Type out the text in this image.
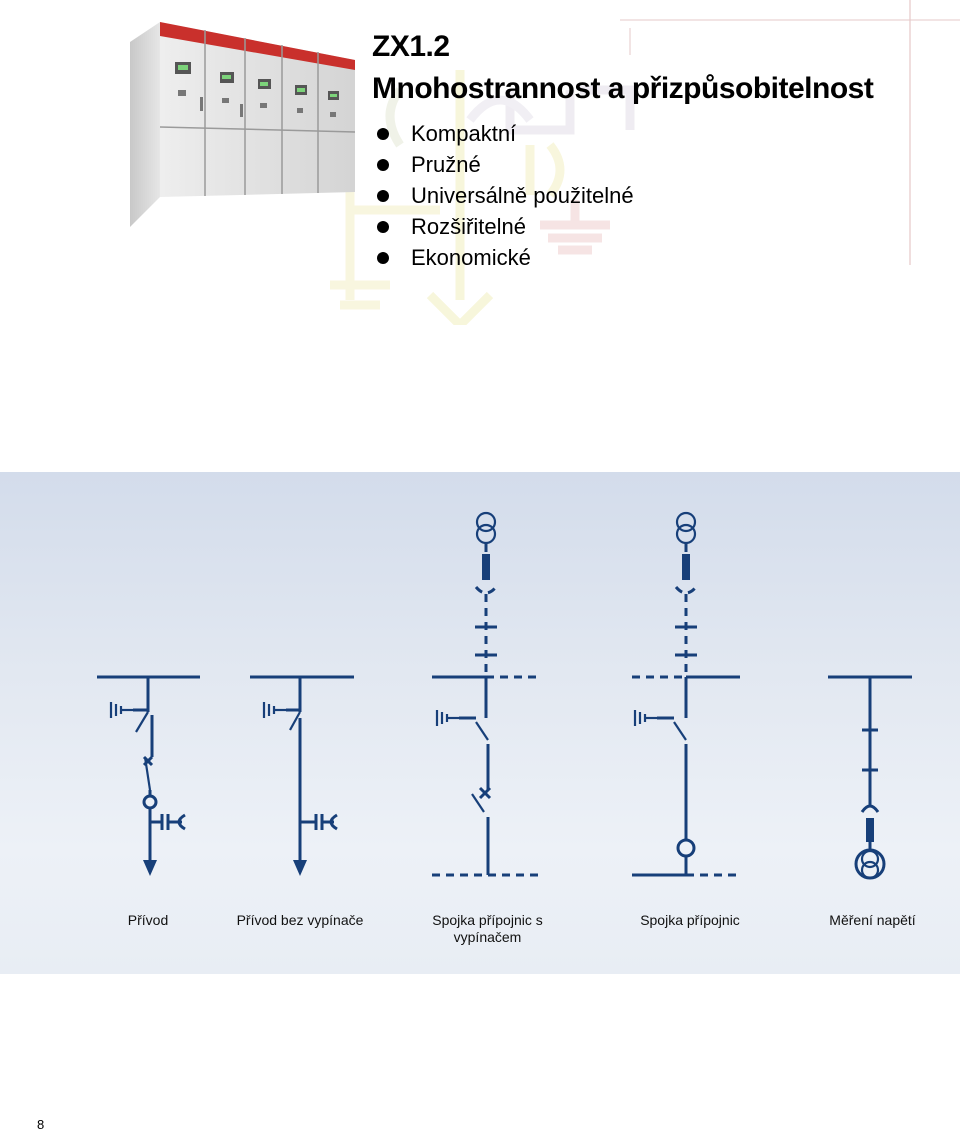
ZX1.2
Mnohostrannost a přizpůsobitelnost
Kompaktní
Pružné
Universálně použitelné
Rozšiřitelné
Ekonomické
Přívod	Přívod bez vypínače	Spojka přípojnic s vypínačem
Spojka přípojnic	Měření napětí
8
